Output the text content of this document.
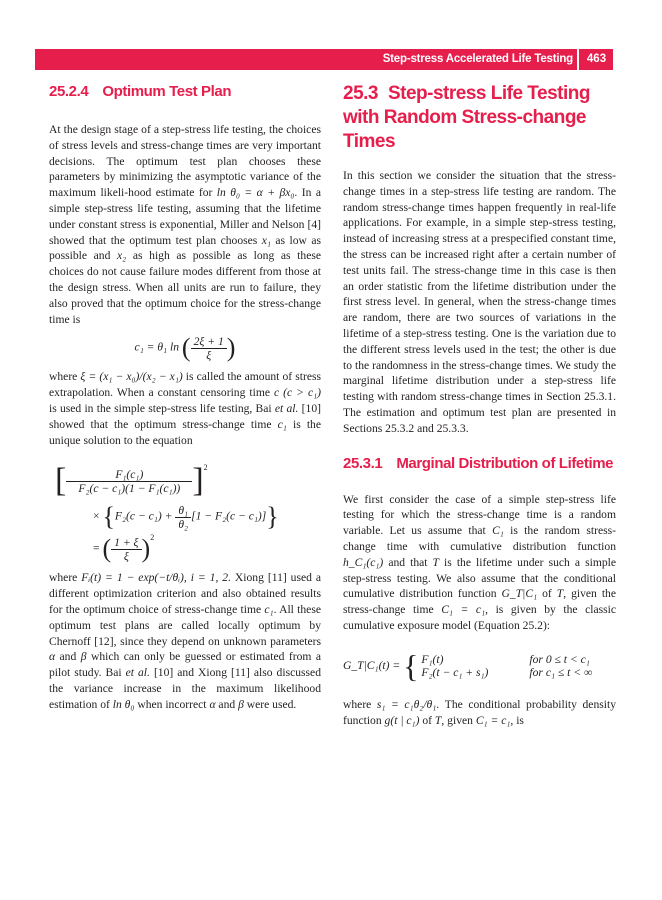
Step-stress Accelerated Life Testing	463
25.2.4 Optimum Test Plan

At the design stage of a step-stress life testing, the choices of stress levels and stress-change times are very important decisions. The optimum test plan chooses these parameters by minimizing the asymptotic variance of the maximum likeli-hood estimate for ln θ₀ = α + βx₀. In a simple step-stress life testing, assuming that the lifetime under constant stress is exponential, Miller and Nelson [4] showed that the optimum test plan chooses x₁ as low as possible and x₂ as high as possible as long as these choices do not cause failure modes different from those at the design stress. When all units are run to failure, they also proved that the optimum choice for the stress-change time is

c₁ = θ₁ ln ( $\frac{2\xi + 1}{\xi}$ )

where ξ = (x₁ − x₀)/(x₂ − x₁) is called the amount of stress extrapolation. When a constant censoring time c (c > c₁) is used in the simple step-stress life testing, Bai et al. [10] showed that the optimum stress-change time c₁ is the unique solution to the equation

[ $\frac{\text{F₁(c₁)}}{\text{F₂(c − c₁)(1 − F₁(c₁))}} ]^2$
× $\{F_2(c - c_1) + \frac{\text{θ₁}}{\text{θ₂}} [1 - F_2(c - c_1)]\}$
= ( $\frac{1 + \xi}{\xi} )^2$

where Fᵢ(t) = 1 − exp(−t/θᵢ), i = 1, 2. Xiong [11] used a different optimization criterion and also obtained results for the optimum choice of stress-change time c₁. All these optimum test plans are called locally optimum by Chernoff [12], since they depend on unknown parameters α and β which can only be guessed or estimated from a pilot study. Bai et al. [10] and Xiong [11] also discussed the variance increase in the maximum likelihood estimation of ln θ₀ when incorrect α and β were used.

25.3 Step-stress Life Testing with Random Stress-change Times

In this section we consider the situation that the stress-change times in a step-stress life testing are random. The random stress-change times happen frequently in real-life applications. For example, in a simple step-stress testing, instead of increasing stress at a prespecified constant time, the stress can be increased right after a certain number of test units fail. The stress-change time in this case is then an order statistic from the lifetime distribution under the first stress level. In general, when the stress-change times are random, there are two sources of variations in the lifetime of a step-stress testing. One is the variation due to the different stress levels used in the test; the other is due to the randomness in the stress-change times. We study the marginal lifetime distribution under a step-stress life testing with random stress-change times in Section 25.3.1. The estimation and optimum test plan are presented in Sections 25.3.2 and 25.3.3.

25.3.1 Marginal Distribution of Lifetime

We first consider the case of a simple step-stress life testing for which the stress-change time is a random variable. Let us assume that C₁ is the random stress-change time with cumulative distribution function h_C₁(c₁) and that T is the lifetime under such a simple step-stress testing. We also assume that the conditional cumulative distribution function G_T|C₁ of T, given the stress-change time C₁ = c₁, is given by the classic cumulative exposure model (Equation 25.2):

G_T|C₁(t) = { F₁(t)	for 0 ≤ t < c₁
F₂(t − c₁ + s₁)	for c₁ ≤ t < ∞

where s₁ = c₁θ₂/θ₁. The conditional probability density function g(t | c₁) of T, given C₁ = c₁, is
